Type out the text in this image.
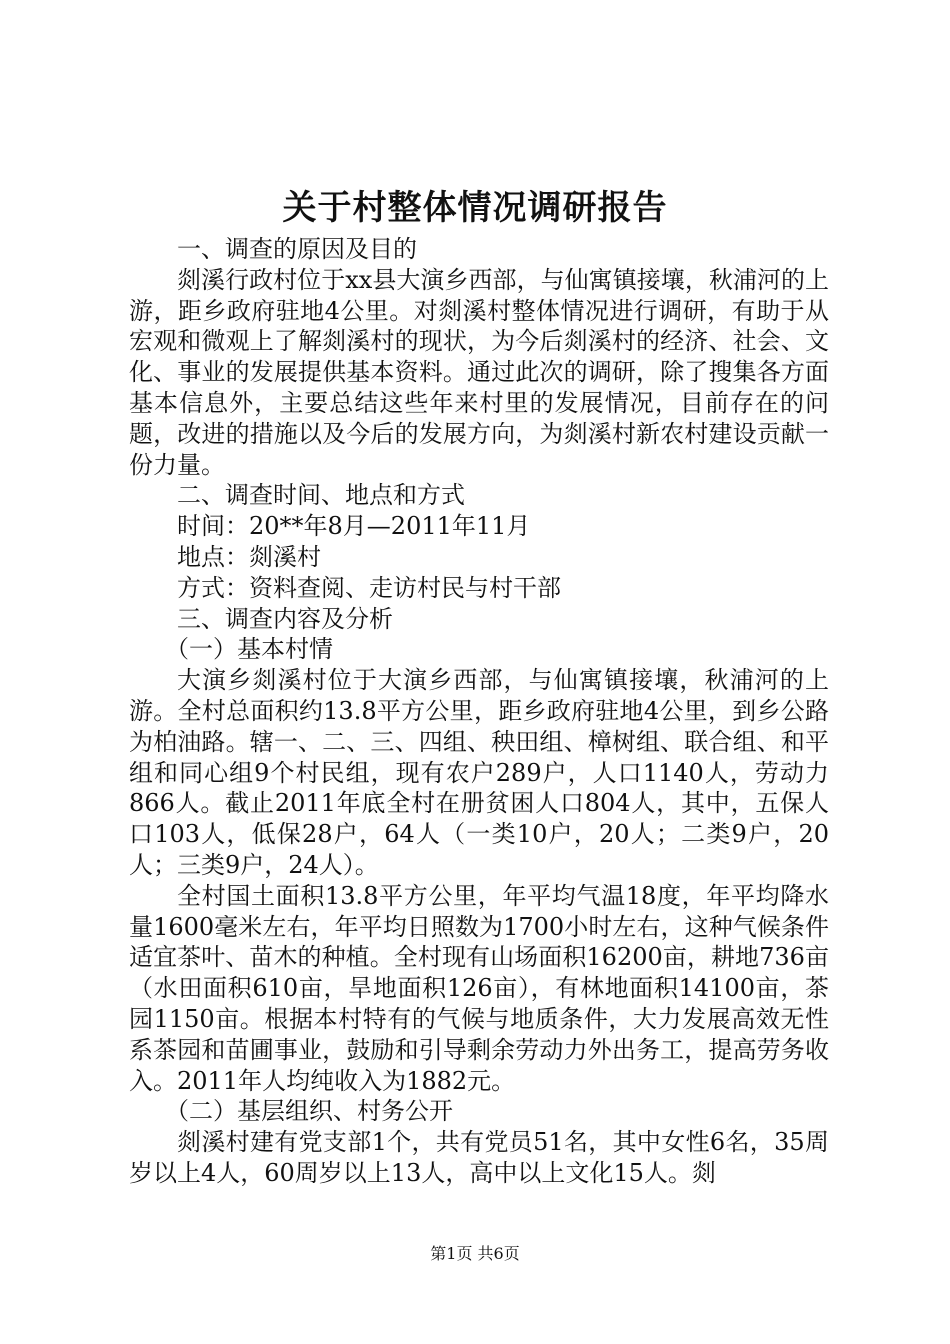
关于村整体情况调研报告

一、调查的原因及目的

剡溪行政村位于xx县大演乡西部，与仙寓镇接壤，秋浦河的上游，距乡政府驻地4公里。对剡溪村整体情况进行调研，有助于从宏观和微观上了解剡溪村的现状，为今后剡溪村的经济、社会、文化、事业的发展提供基本资料。通过此次的调研，除了搜集各方面基本信息外，主要总结这些年来村里的发展情况，目前存在的问题，改进的措施以及今后的发展方向，为剡溪村新农村建设贡献一份力量。

二、调查时间、地点和方式

时间：20**年8月—2011年11月

地点：剡溪村

方式：资料查阅、走访村民与村干部

三、调查内容及分析

（一）基本村情

大演乡剡溪村位于大演乡西部，与仙寓镇接壤，秋浦河的上游。全村总面积约13.8平方公里，距乡政府驻地4公里，到乡公路为柏油路。辖一、二、三、四组、秧田组、樟树组、联合组、和平组和同心组9个村民组，现有农户289户，人口1140人，劳动力866人。截止2011年底全村在册贫困人口804人，其中，五保人口103人，低保28户，64人（一类10户，20人；二类9户，20人；三类9户，24人）。

全村国土面积13.8平方公里，年平均气温18度，年平均降水量1600毫米左右，年平均日照数为1700小时左右，这种气候条件适宜茶叶、苗木的种植。全村现有山场面积16200亩，耕地736亩（水田面积610亩，旱地面积126亩），有林地面积14100亩，茶园1150亩。根据本村特有的气候与地质条件，大力发展高效无性系茶园和苗圃事业，鼓励和引导剩余劳动力外出务工，提高劳务收入。2011年人均纯收入为1882元。

（二）基层组织、村务公开

剡溪村建有党支部1个，共有党员51名，其中女性6名，35周岁以上4人，60周岁以上13人，高中以上文化15人。剡

第1页 共6页
